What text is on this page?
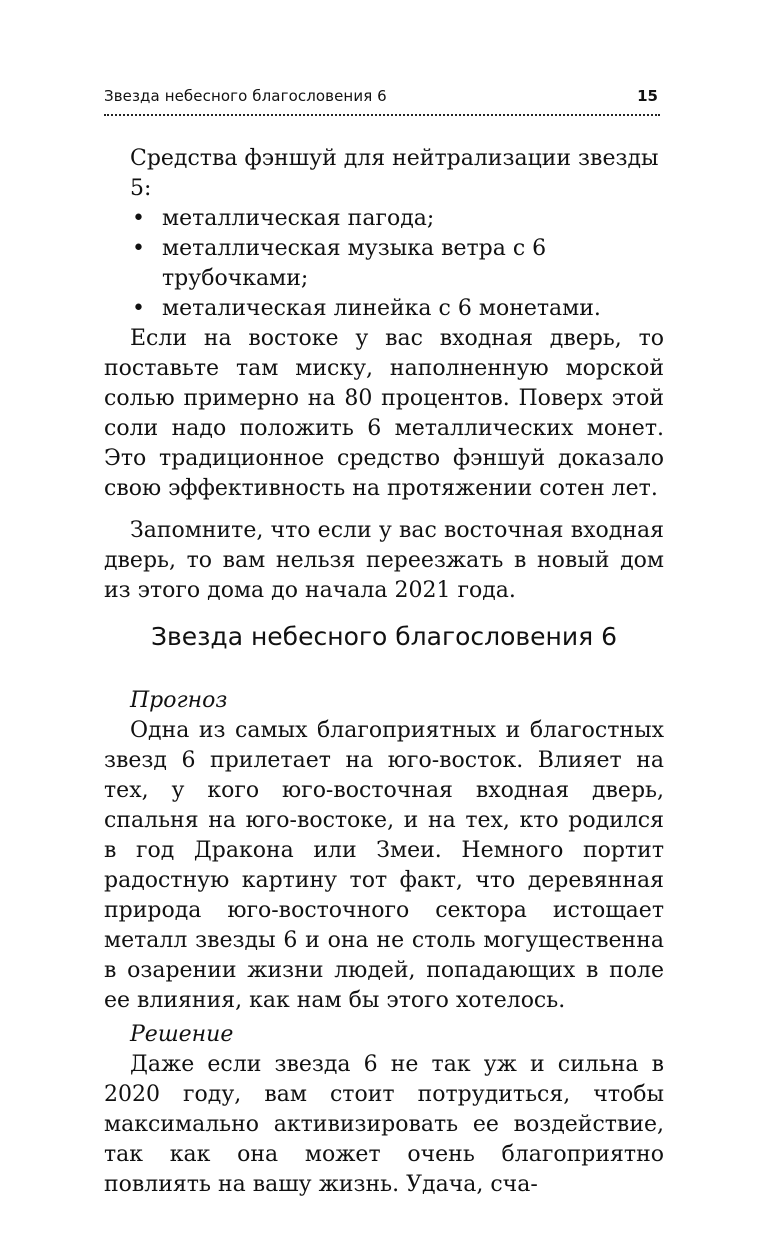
Звезда небесного благословения 6	15
Средства фэншуй для нейтрализации звезды 5:
• металлическая пагода;
• металлическая музыка ветра с 6 трубочками;
• металическая линейка с 6 монетами.

Если на востоке у вас входная дверь, то поставьте там миску, наполненную морской солью примерно на 80 процентов. Поверх этой соли надо положить 6 металлических монет. Это традиционное средство фэншуй доказало свою эффективность на протяжении сотен лет.

Запомните, что если у вас восточная входная дверь, то вам нельзя переезжать в новый дом из этого дома до начала 2021 года.

Звезда небесного благословения 6
Прогноз

Одна из самых благоприятных и благостных звезд 6 прилетает на юго-восток. Влияет на тех, у кого юго-восточная входная дверь, спальня на юго-востоке, и на тех, кто родился в год Дракона или Змеи. Немного портит радостную картину тот факт, что деревянная природа юго-восточного сектора истощает металл звезды 6 и она не столь могущественна в озарении жизни людей, попадающих в поле ее влияния, как нам бы этого хотелось.

Решение

Даже если звезда 6 не так уж и сильна в 2020 году, вам стоит потрудиться, чтобы максимально активизировать ее воздействие, так как она может очень благоприятно повлиять на вашу жизнь. Удача, сча-
